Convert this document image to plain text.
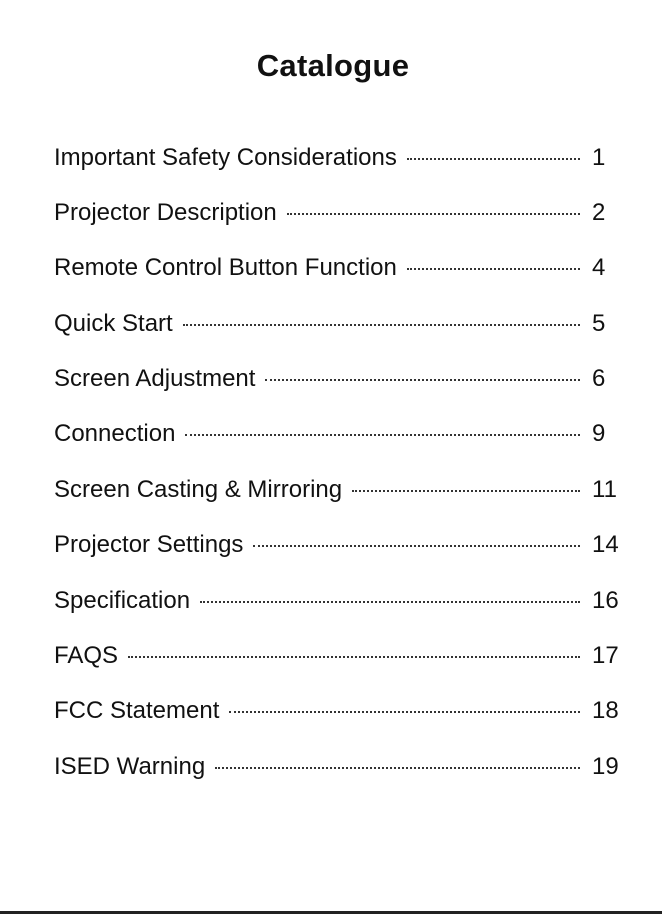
Catalogue
Important Safety Considerations	1
Projector Description	2
Remote Control Button Function	4
Quick Start	5
Screen Adjustment	6
Connection	9
Screen Casting & Mirroring	11
Projector Settings	14
Specification	16
FAQS	17
FCC Statement	18
ISED Warning	19
